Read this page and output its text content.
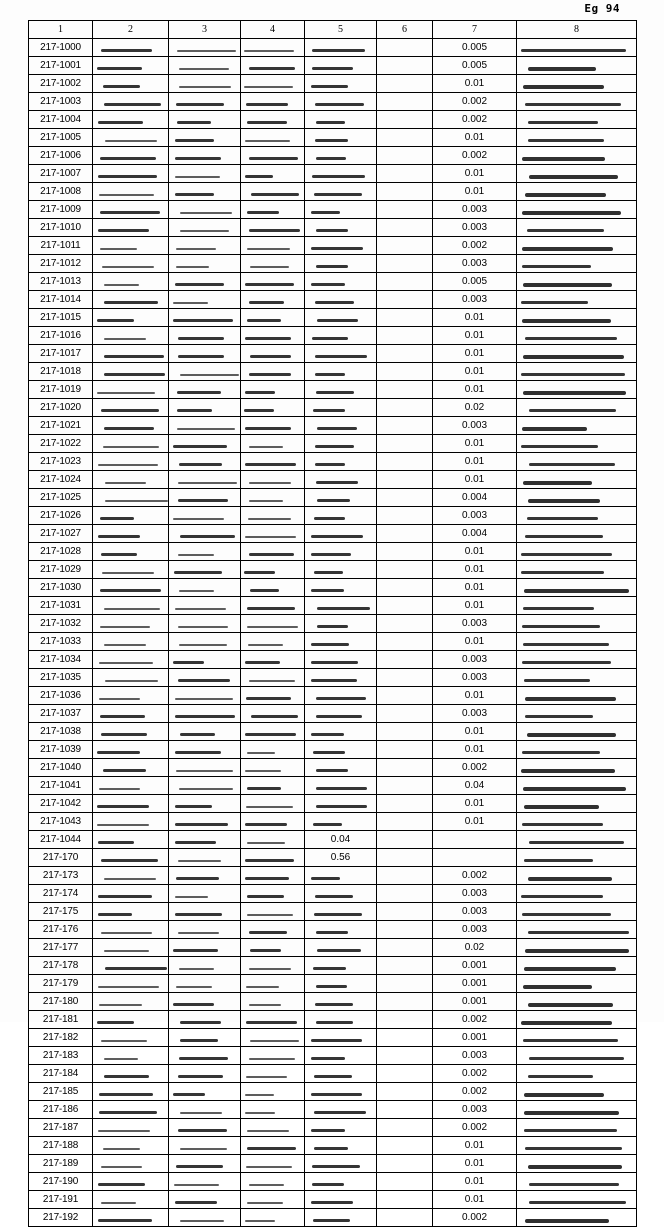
Eg 94
1	2	3	4	5	6	7	8
217-1000						0.005	

217-1001						0.005	

217-1002						0.01	

217-1003						0.002	

217-1004						0.002	

217-1005						0.01	

217-1006						0.002	

217-1007						0.01	

217-1008						0.01	

217-1009						0.003	

217-1010						0.003	

217-1011						0.002	

217-1012						0.003	

217-1013						0.005	

217-1014						0.003	

217-1015						0.01	

217-1016						0.01	

217-1017						0.01	

217-1018						0.01	

217-1019						0.01	

217-1020						0.02	

217-1021						0.003	

217-1022						0.01	

217-1023						0.01	

217-1024						0.01	

217-1025						0.004	

217-1026						0.003	

217-1027						0.004	

217-1028						0.01	

217-1029						0.01	

217-1030						0.01	

217-1031						0.01	

217-1032						0.003	

217-1033						0.01	

217-1034						0.003	

217-1035						0.003	

217-1036						0.01	

217-1037						0.003	

217-1038						0.01	

217-1039						0.01	

217-1040						0.002	

217-1041						0.04	

217-1042						0.01	

217-1043						0.01	

217-1044				0.04			

217-170				0.56			

217-173						0.002	

217-174						0.003	

217-175						0.003	

217-176						0.003	

217-177						0.02	

217-178						0.001	

217-179						0.001	

217-180						0.001	

217-181						0.002	

217-182						0.001	

217-183						0.003	

217-184						0.002	

217-185						0.002	

217-186						0.003	

217-187						0.002	

217-188						0.01	

217-189						0.01	

217-190						0.01	

217-191						0.01	

217-192						0.002	
